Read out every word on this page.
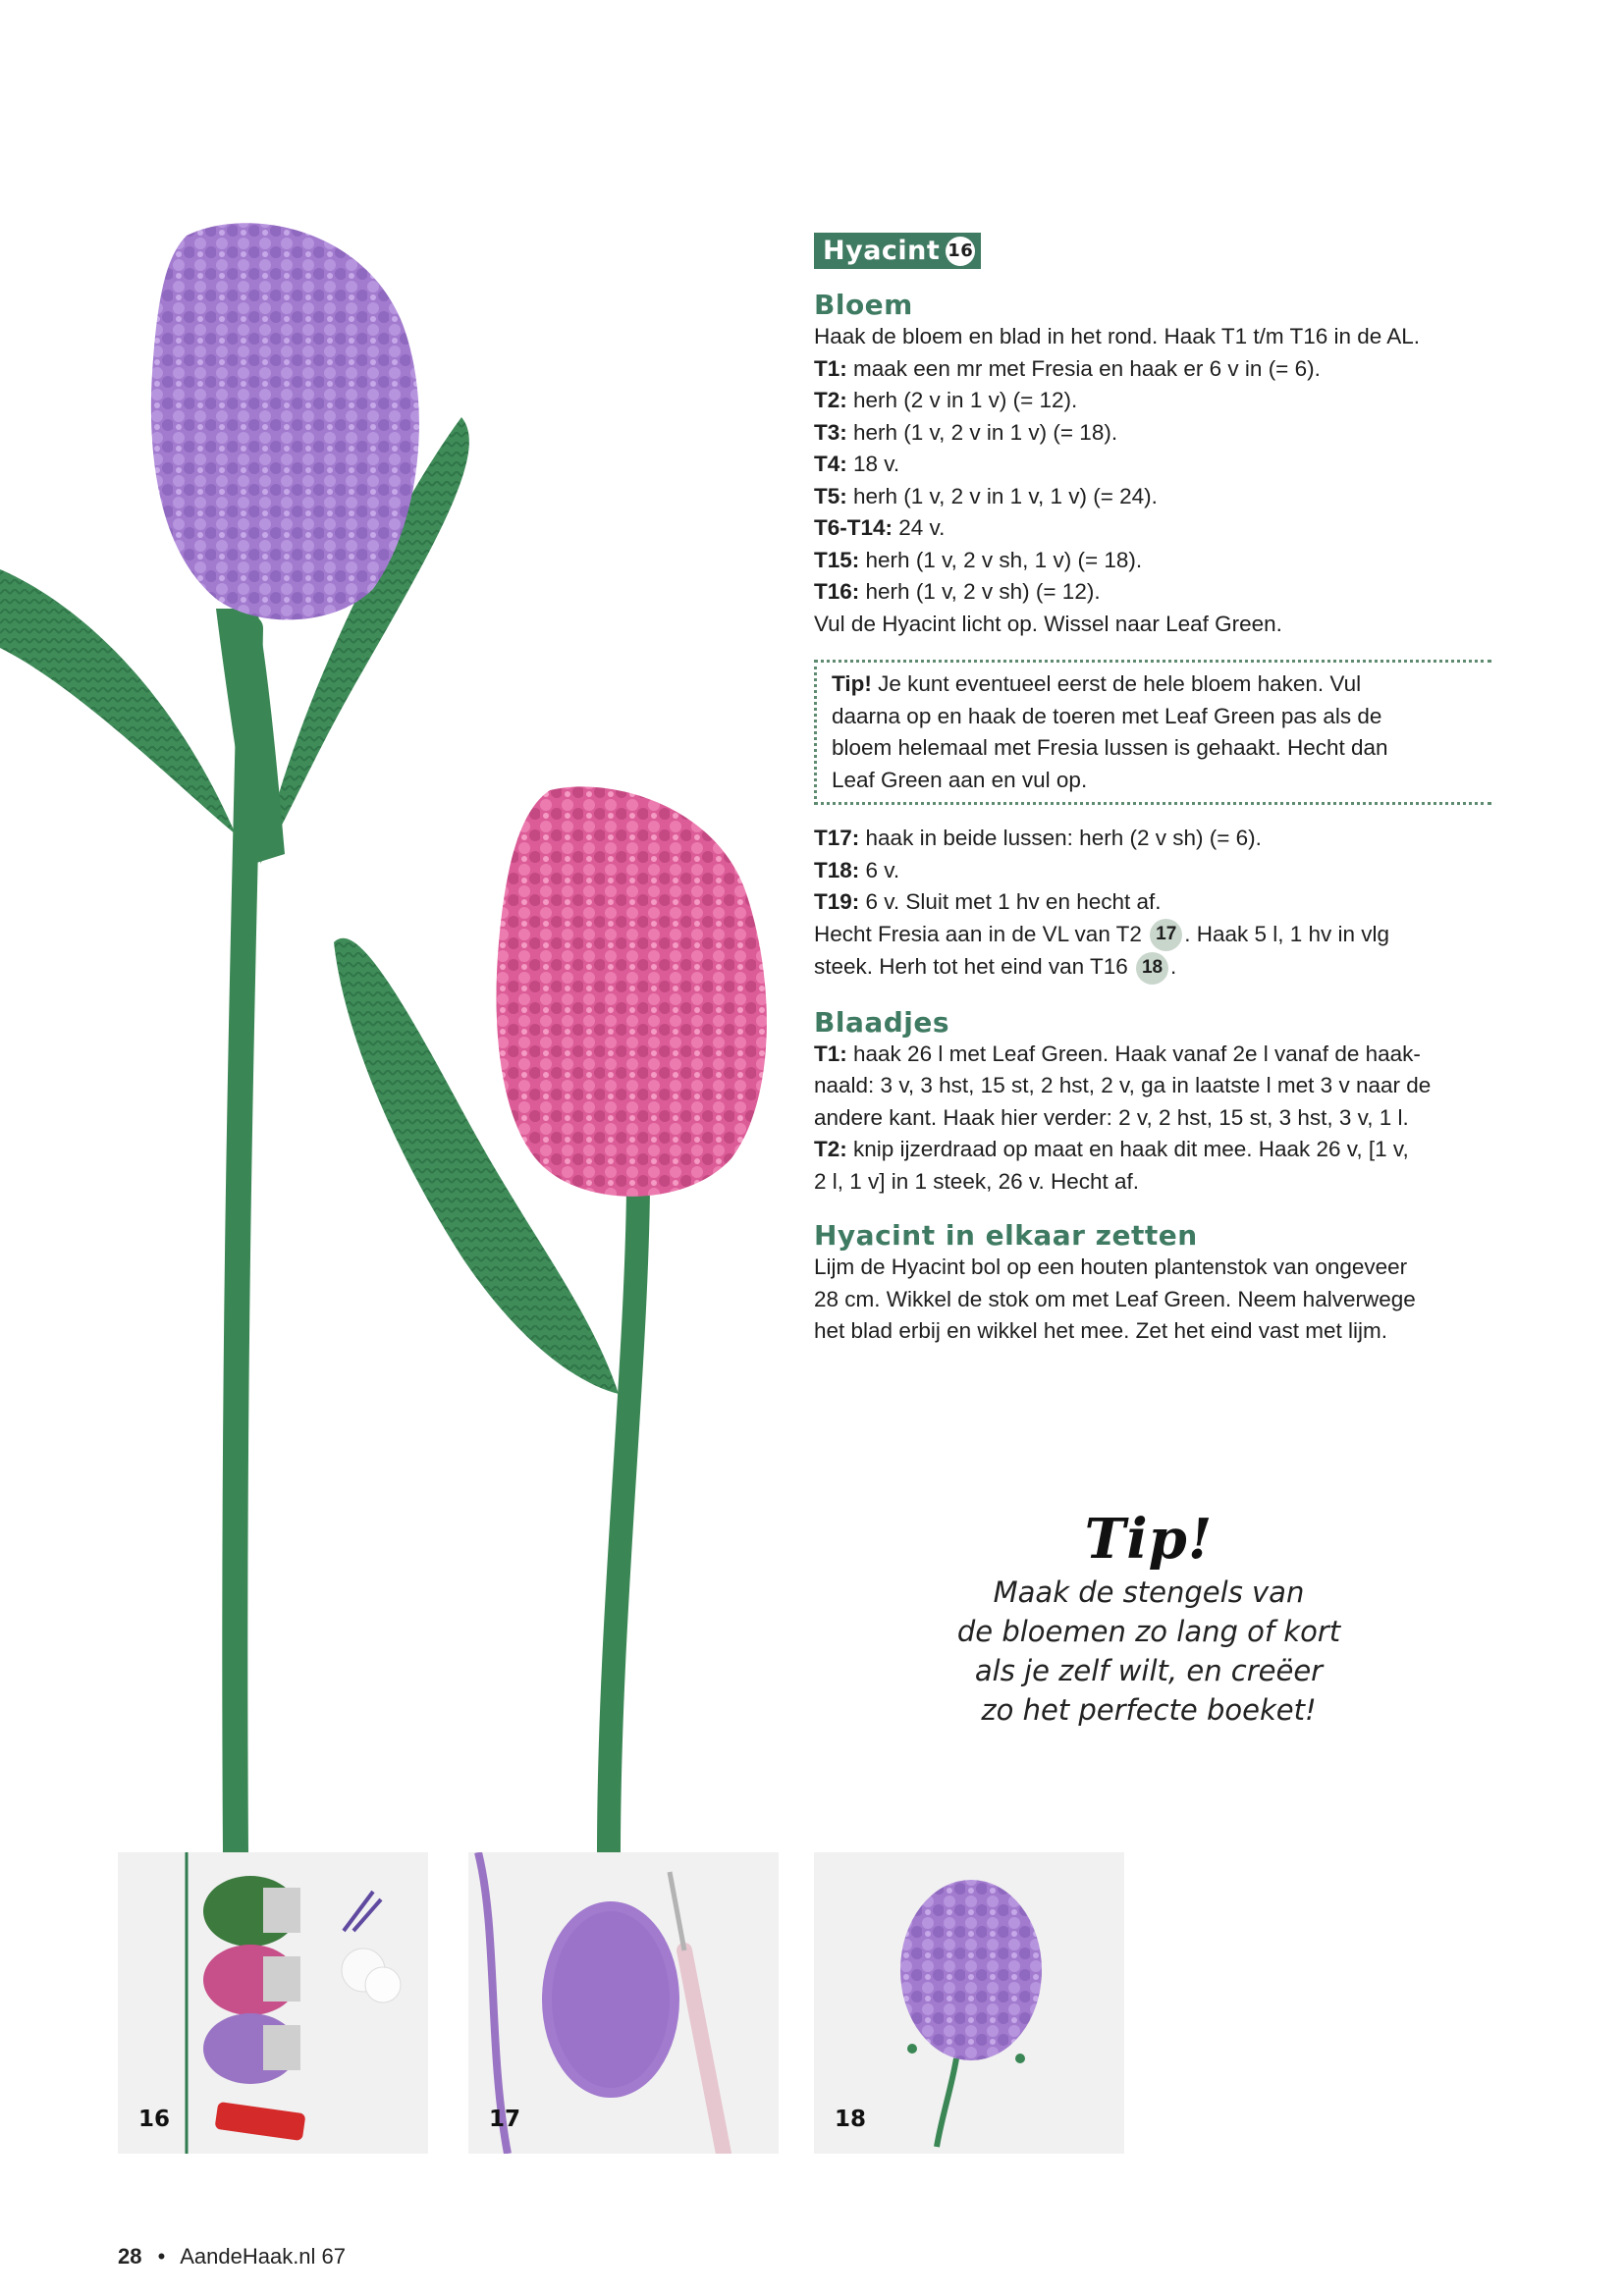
Hyacint 16
Bloem

Haak de bloem en blad in het rond. Haak T1 t/m T16 in de AL.

T1: maak een mr met Fresia en haak er 6 v in (= 6).

T2: herh (2 v in 1 v) (= 12).

T3: herh (1 v, 2 v in 1 v) (= 18).

T4: 18 v.

T5: herh (1 v, 2 v in 1 v, 1 v) (= 24).

T6-T14: 24 v.

T15: herh (1 v, 2 v sh, 1 v) (= 18).

T16: herh (1 v, 2 v sh) (= 12).

Vul de Hyacint licht op. Wissel naar Leaf Green.

Tip! Je kunt eventueel eerst de hele bloem haken. Vul

daarna op en haak de toeren met Leaf Green pas als de

bloem helemaal met Fresia lussen is gehaakt. Hecht dan

Leaf Green aan en vul op.

T17: haak in beide lussen: herh (2 v sh) (= 6).

T18: 6 v.

T19: 6 v. Sluit met 1 hv en hecht af.

Hecht Fresia aan in de VL van T2 17 . Haak 5 l, 1 hv in vlg

steek. Herh tot het eind van T16 18 .

Blaadjes

T1: haak 26 l met Leaf Green. Haak vanaf 2e l vanaf de haak-

naald: 3 v, 3 hst, 15 st, 2 hst, 2 v, ga in laatste l met 3 v naar de

andere kant. Haak hier verder: 2 v, 2 hst, 15 st, 3 hst, 3 v, 1 l.

T2: knip ijzerdraad op maat en haak dit mee. Haak 26 v, [1 v,

2 l, 1 v] in 1 steek, 26 v. Hecht af.

Hyacint in elkaar zetten

Lijm de Hyacint bol op een houten plantenstok van ongeveer

28 cm. Wikkel de stok om met Leaf Green. Neem halverwege

het blad erbij en wikkel het mee. Zet het eind vast met lijm.

Tip!
Maak de stengels van
de bloemen zo lang of kort
als je zelf wilt, en creëer
zo het perfecte boeket!
16	17	18
28 • AandeHaak.nl 67
